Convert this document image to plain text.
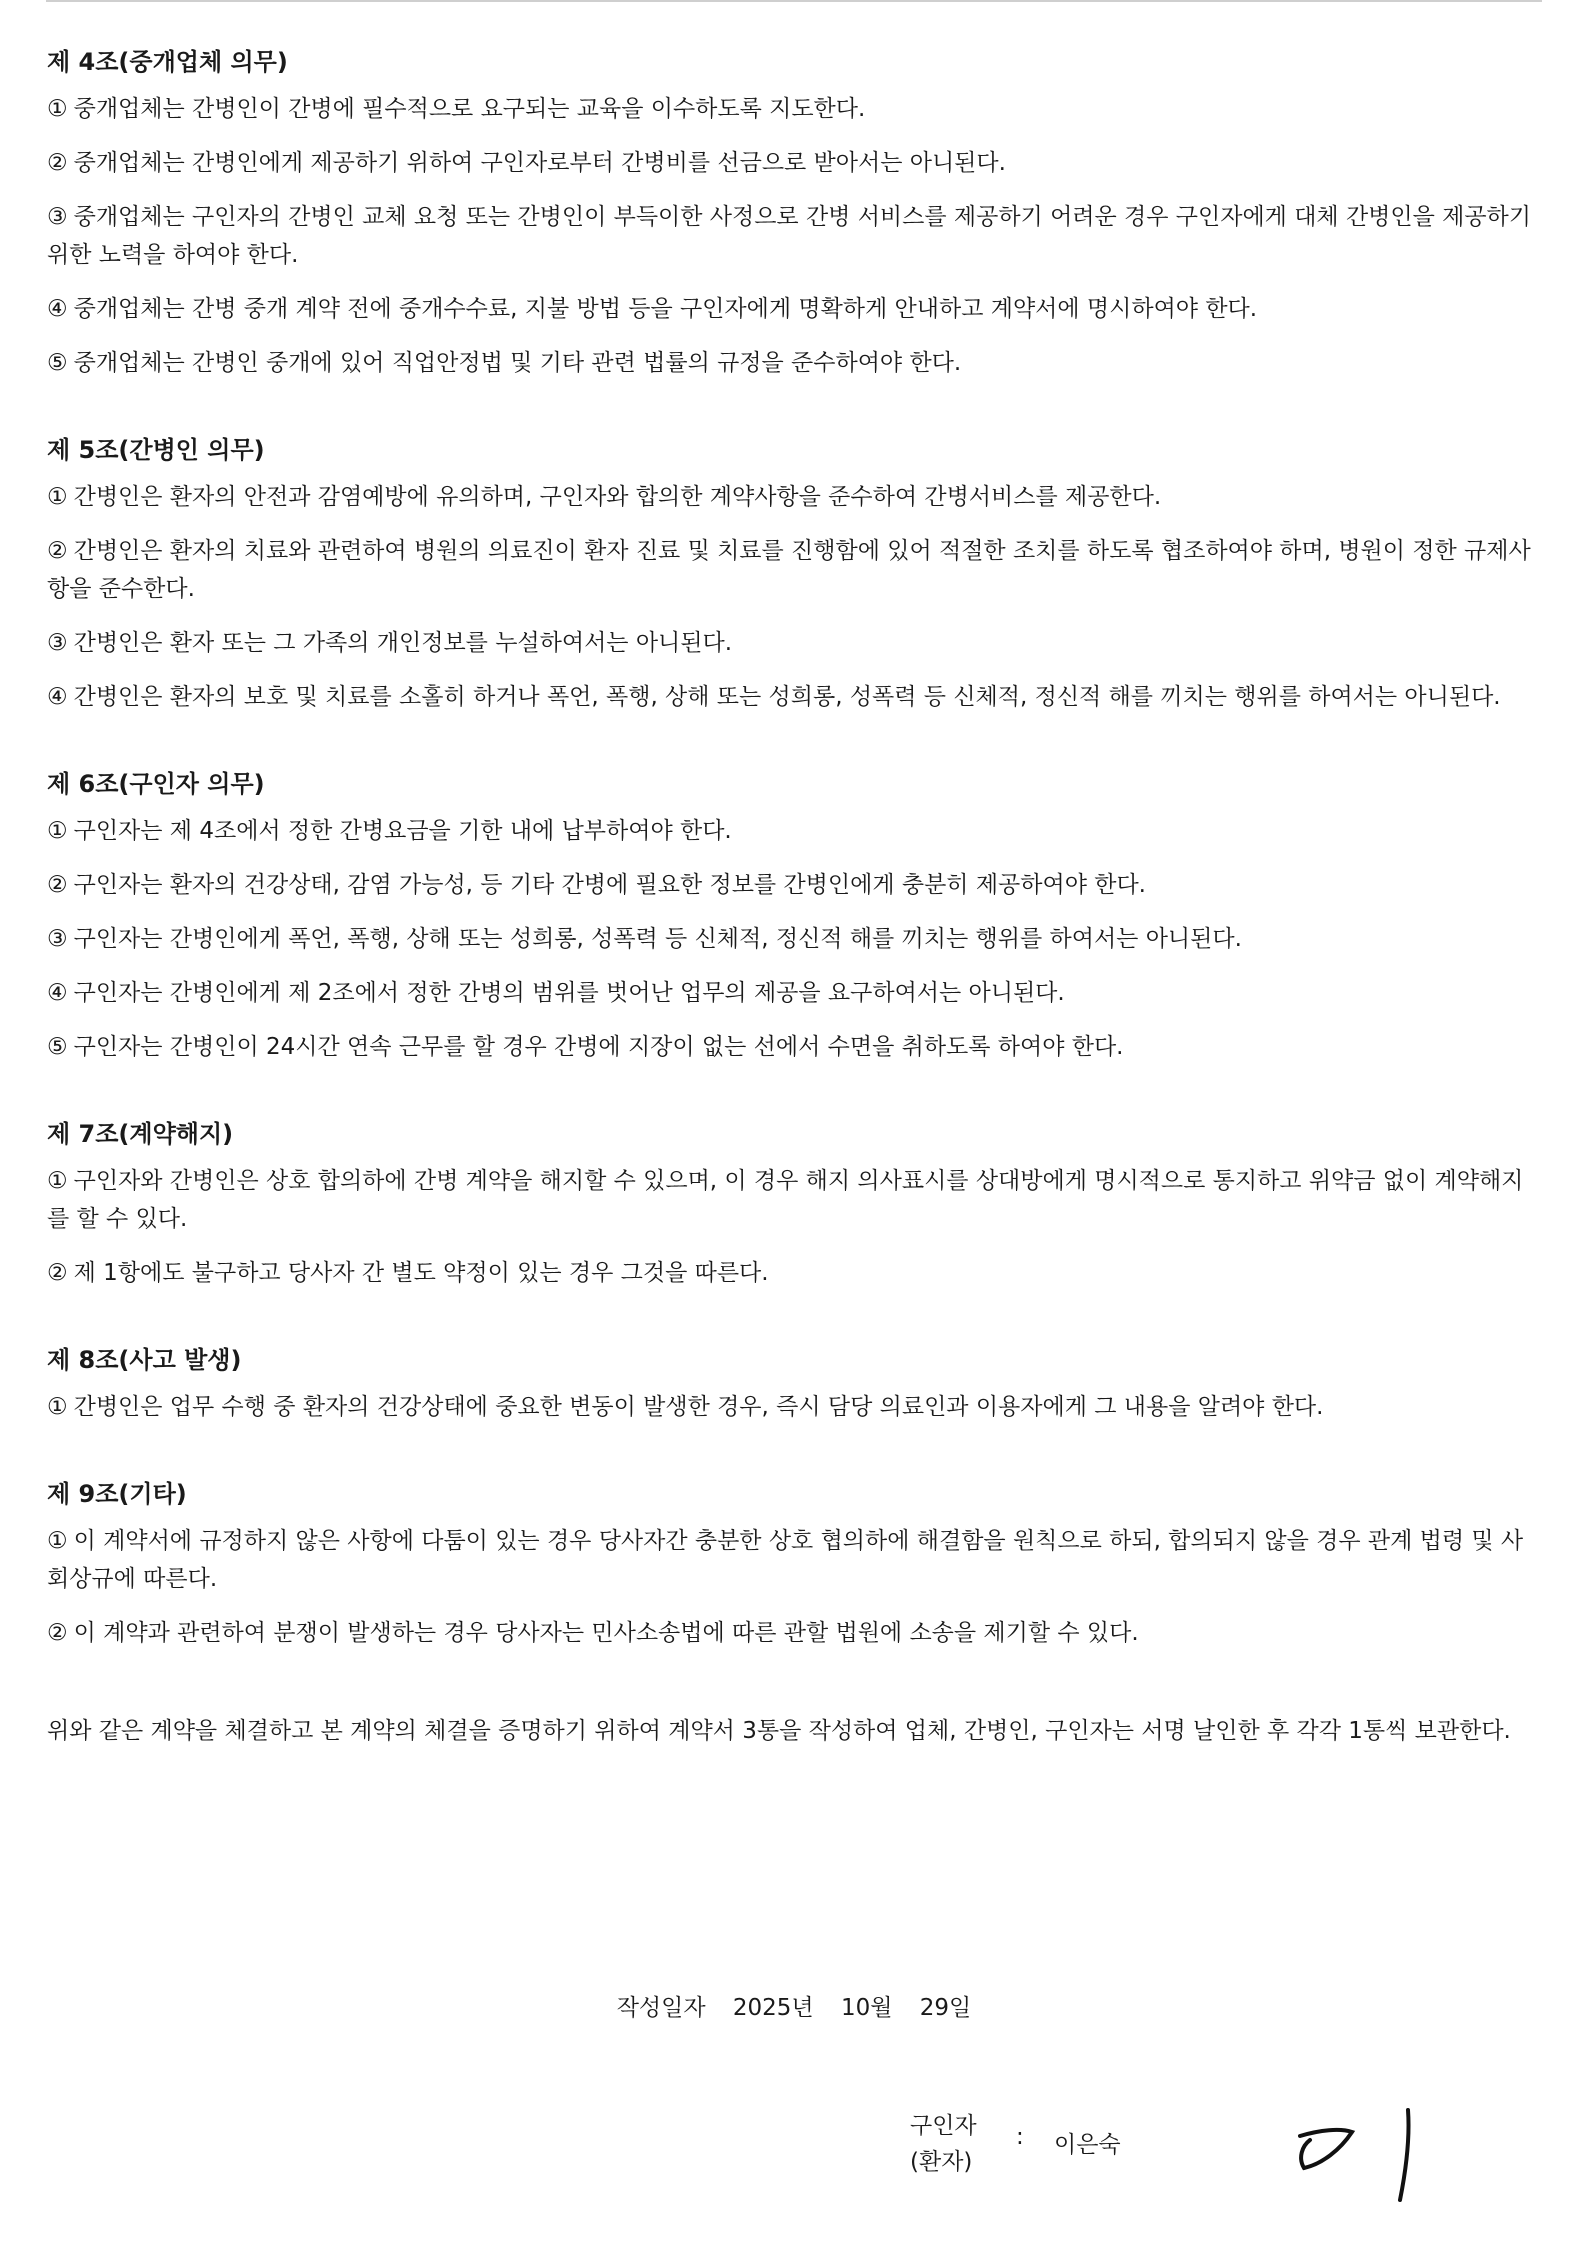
제 4조(중개업체 의무)
① 중개업체는 간병인이 간병에 필수적으로 요구되는 교육을 이수하도록 지도한다.
② 중개업체는 간병인에게 제공하기 위하여 구인자로부터 간병비를 선금으로 받아서는 아니된다.
③ 중개업체는 구인자의 간병인 교체 요청 또는 간병인이 부득이한 사정으로 간병 서비스를 제공하기 어려운 경우 구인자에게 대체 간병인을 제공하기 위한 노력을 하여야 한다.
④ 중개업체는 간병 중개 계약 전에 중개수수료, 지불 방법 등을 구인자에게 명확하게 안내하고 계약서에 명시하여야 한다.
⑤ 중개업체는 간병인 중개에 있어 직업안정법 및 기타 관련 법률의 규정을 준수하여야 한다.
제 5조(간병인 의무)
① 간병인은 환자의 안전과 감염예방에 유의하며, 구인자와 합의한 계약사항을 준수하여 간병서비스를 제공한다.
② 간병인은 환자의 치료와 관련하여 병원의 의료진이 환자 진료 및 치료를 진행함에 있어 적절한 조치를 하도록 협조하여야 하며, 병원이 정한 규제사항을 준수한다.
③ 간병인은 환자 또는 그 가족의 개인정보를 누설하여서는 아니된다.
④ 간병인은 환자의 보호 및 치료를 소홀히 하거나 폭언, 폭행, 상해 또는 성희롱, 성폭력 등 신체적, 정신적 해를 끼치는 행위를 하여서는 아니된다.
제 6조(구인자 의무)
① 구인자는 제 4조에서 정한 간병요금을 기한 내에 납부하여야 한다.
② 구인자는 환자의 건강상태, 감염 가능성, 등 기타 간병에 필요한 정보를 간병인에게 충분히 제공하여야 한다.
③ 구인자는 간병인에게 폭언, 폭행, 상해 또는 성희롱, 성폭력 등 신체적, 정신적 해를 끼치는 행위를 하여서는 아니된다.
④ 구인자는 간병인에게 제 2조에서 정한 간병의 범위를 벗어난 업무의 제공을 요구하여서는 아니된다.
⑤ 구인자는 간병인이 24시간 연속 근무를 할 경우 간병에 지장이 없는 선에서 수면을 취하도록 하여야 한다.
제 7조(계약해지)
① 구인자와 간병인은 상호 합의하에 간병 계약을 해지할 수 있으며, 이 경우 해지 의사표시를 상대방에게 명시적으로 통지하고 위약금 없이 계약해지를 할 수 있다.
② 제 1항에도 불구하고 당사자 간 별도 약정이 있는 경우 그것을 따른다.
제 8조(사고 발생)
① 간병인은 업무 수행 중 환자의 건강상태에 중요한 변동이 발생한 경우, 즉시 담당 의료인과 이용자에게 그 내용을 알려야 한다.
제 9조(기타)
① 이 계약서에 규정하지 않은 사항에 다툼이 있는 경우 당사자간 충분한 상호 협의하에 해결함을 원칙으로 하되, 합의되지 않을 경우 관계 법령 및 사회상규에 따른다.
② 이 계약과 관련하여 분쟁이 발생하는 경우 당사자는 민사소송법에 따른 관할 법원에 소송을 제기할 수 있다.
위와 같은 계약을 체결하고 본 계약의 체결을 증명하기 위하여 계약서 3통을 작성하여 업체, 간병인, 구인자는 서명 날인한 후 각각 1통씩 보관한다.
작성일자 2025년 10월 29일
구인자
(환자)
: 이은숙
